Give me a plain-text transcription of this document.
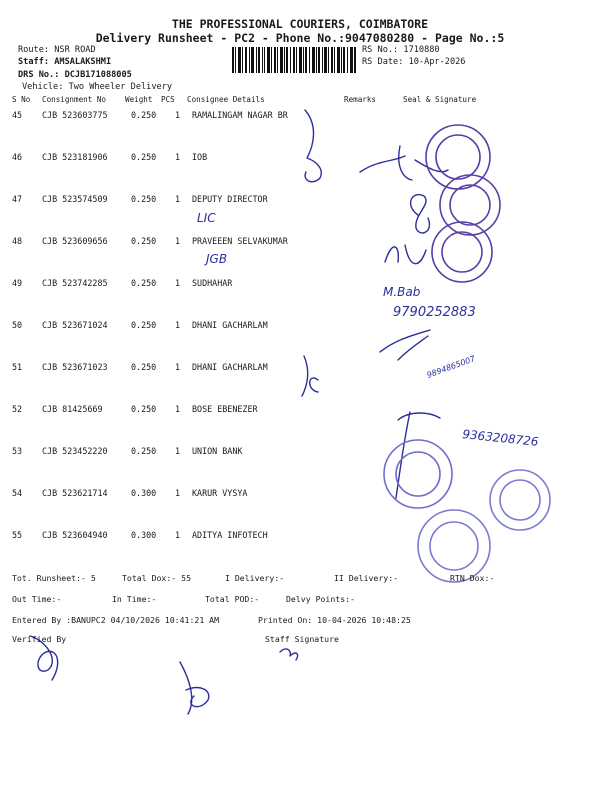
THE PROFESSIONAL COURIERS, COIMBATORE
Delivery Runsheet - PC2 - Phone No.:9047080280 - Page No.:5
Route: NSR ROAD
Staff: AMSALAKSHMI
DRS No.: DCJB171088005
Vehicle: Two Wheeler Delivery
RS No.: 1710880
RS Date: 10-Apr-2026
S No Consignment No Weight PCS Consignee Details	Remarks	Seal & Signature
45 CJB 523603775	0.250 1 RAMALINGAM NAGAR BR
46 CJB 523181906	0.250 1 IOB
47 CJB 523574509	0.250 1 DEPUTY DIRECTOR
48 CJB 523609656	0.250 1 PRAVEEEN SELVAKUMAR
49 CJB 523742285	0.250 1 SUDHAHAR
50 CJB 523671024	0.250 1 DHANI GACHARLAM
51 CJB 523671023	0.250 1 DHANI GACHARLAM
52 CJB 81425669	0.250 1 BOSE EBENEZER
53 CJB 523452220	0.250 1 UNION BANK
54 CJB 523621714	0.300 1 KARUR VYSYA
55 CJB 523604940	0.300 1 ADITYA INFOTECH
LIC
JGB
M.Bab
9790252883
9894865007
9363208726
Tot. Runsheet:- 5	Total Dox:- 55	I Delivery:-	II Delivery:-	RTN Dox:-
Out Time:-	In Time:-	Total POD:-	Delvy Points:-
Entered By :BANUPC2 04/10/2026 10:41:21 AM	Printed On: 10-04-2026 10:48:25
Verified By	Staff Signature
